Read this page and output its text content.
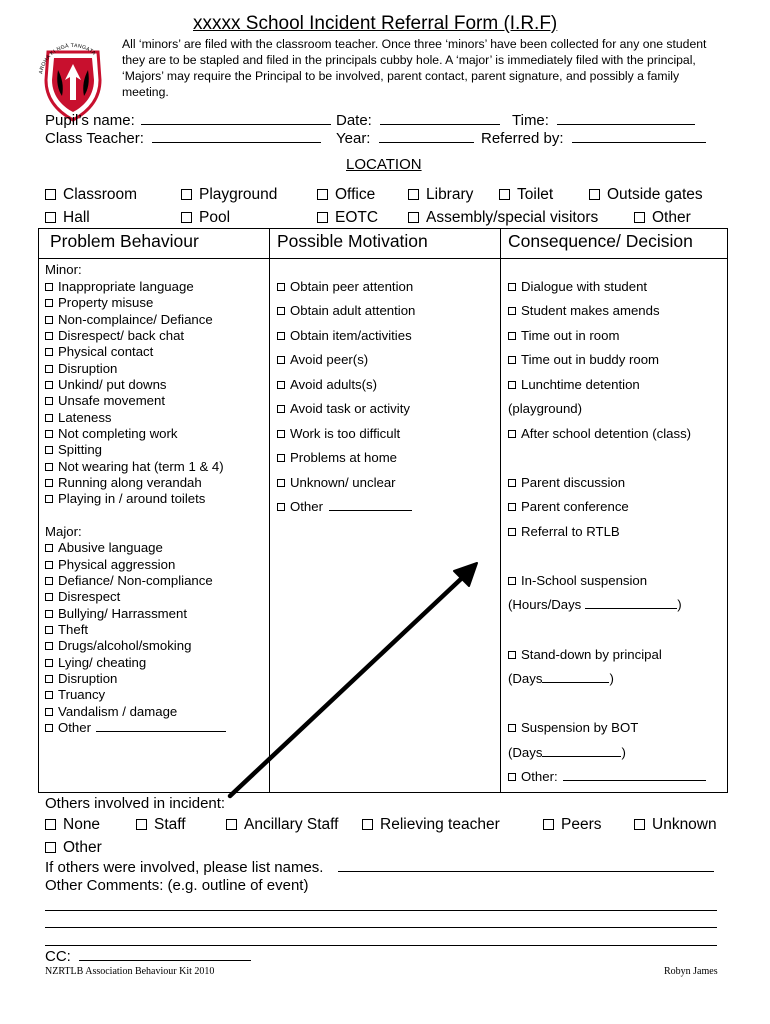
xxxxx School Incident Referral Form (I.R.F)
AROHA KI NGĀ TANGATA
All ‘minors’ are filed with the classroom teacher. Once three ‘minors’ have been collected for any one student they are to be stapled and filed in the principals cubby hole. A ‘major’ is immediately filed with the principal, ‘Majors’ may require the Principal to be involved, parent contact, parent signature, and possibly a family meeting.
Pupil’s name:
Class Teacher:
Date:
Year:
Time:
Referred by:
LOCATION
Classroom	Playground	Office	Library	Toilet	Outside gates
Hall	Pool	EOTC	Assembly/special visitors	Other
Problem Behaviour	Possible Motivation	Consequence/ Decision
Minor:
Inappropriate language
Property misuse
Non-complaince/ Defiance
Disrespect/ back chat
Physical contact
Disruption
Unkind/ put downs
Unsafe movement
Lateness
Not completing work
Spitting
Not wearing hat (term 1 & 4)
Running along verandah
Playing in / around toilets
Major:
Abusive language
Physical aggression
Defiance/ Non-compliance
Disrespect
Bullying/ Harrassment
Theft
Drugs/alcohol/smoking
Lying/ cheating
Disruption
Truancy
Vandalism / damage
Other
Obtain peer attention
Obtain adult attention
Obtain item/activities
Avoid peer(s)
Avoid adults(s)
Avoid task or activity
Work is too difficult
Problems at home
Unknown/ unclear
Other
Dialogue with student
Student makes amends
Time out in room
Time out in buddy room
Lunchtime detention
(playground)
After school detention (class)
Parent discussion
Parent conference
Referral to RTLB
In-School suspension
(Hours/Days	)
Stand-down by principal
(Days	)
Suspension by BOT
(Days	)
Other:
Others involved in incident:
None	Staff	Ancillary Staff	Relieving teacher	Peers	Unknown
Other
If others were involved, please list names.
Other Comments: (e.g. outline of event)
CC:
NZRTLB Association Behaviour Kit 2010	Robyn James
